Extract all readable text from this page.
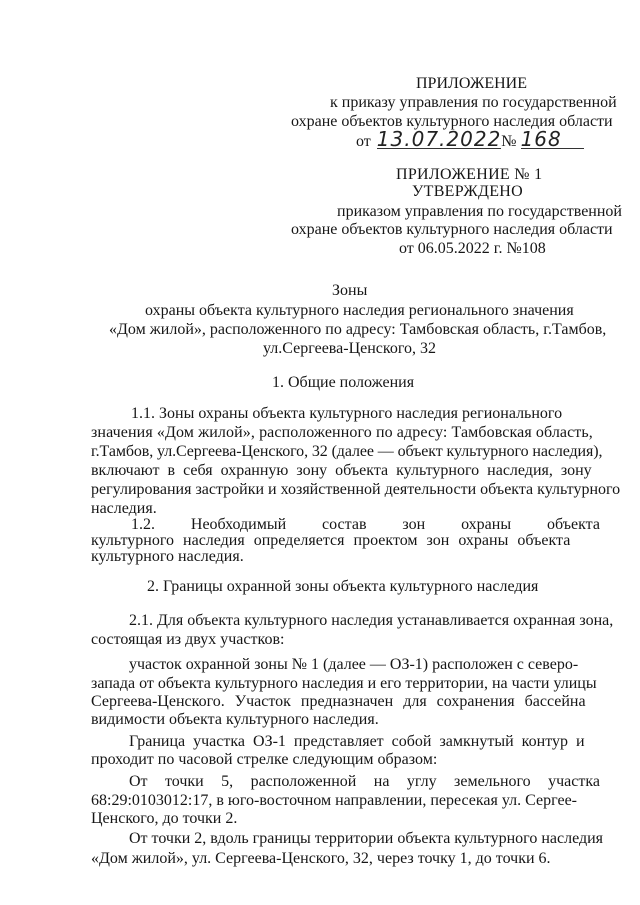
ПРИЛОЖЕНИЕ
к приказу управления по государственной
охране объектов культурного наследия области
от 13.07.2022№ 168
ПРИЛОЖЕНИЕ № 1
УТВЕРЖДЕНО
приказом управления по государственной
охране объектов культурного наследия области
от 06.05.2022 г. №108
Зоны
охраны объекта культурного наследия регионального значения
«Дом жилой», расположенного по адресу: Тамбовская область, г.Тамбов,
ул.Сергеева-Ценского, 32
1. Общие положения
1.1. Зоны охраны объекта культурного наследия регионального
значения «Дом жилой», расположенного по адресу: Тамбовская область,
г.Тамбов, ул.Сергеева-Ценского, 32 (далее — объект культурного наследия),
включают в себя охранную зону объекта культурного наследия, зону
регулирования застройки и хозяйственной деятельности объекта культурного
наследия.
1.2. Необходимый состав зон охраны объекта
культурного наследия определяется проектом зон охраны объекта
культурного наследия.
2. Границы охранной зоны объекта культурного наследия
2.1. Для объекта культурного наследия устанавливается охранная зона,
состоящая из двух участков:
участок охранной зоны № 1 (далее — ОЗ-1) расположен с северо-
запада от объекта культурного наследия и его территории, на части улицы
Сергеева-Ценского. Участок предназначен для сохранения бассейна
видимости объекта культурного наследия.
Граница участка ОЗ-1 представляет собой замкнутый контур и
проходит по часовой стрелке следующим образом:
От точки 5, расположенной на углу земельного участка
68:29:0103012:17, в юго-восточном направлении, пересекая ул. Сергее-
Ценского, до точки 2.
От точки 2, вдоль границы территории объекта культурного наследия
«Дом жилой», ул. Сергеева-Ценского, 32, через точку 1, до точки 6.
